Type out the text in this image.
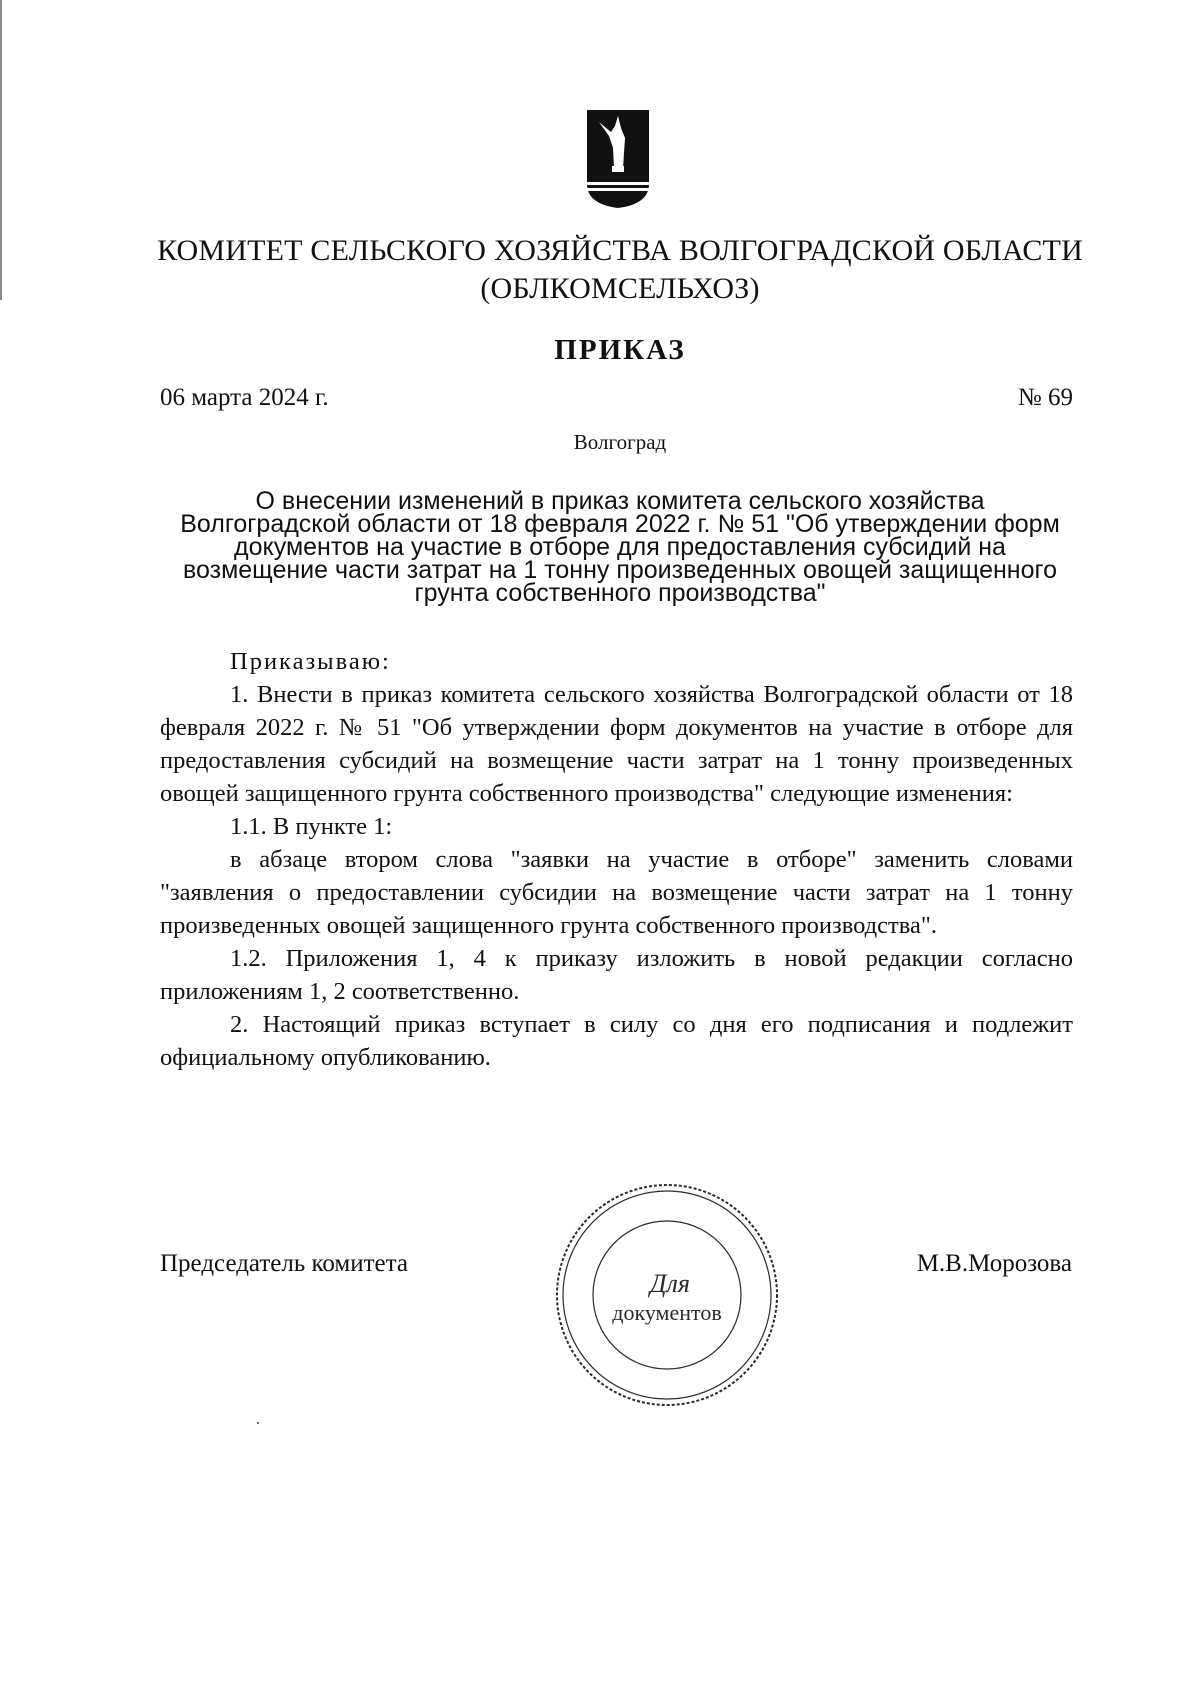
КОМИТЕТ СЕЛЬСКОГО ХОЗЯЙСТВА ВОЛГОГРАДСКОЙ ОБЛАСТИ
(ОБЛКОМСЕЛЬХОЗ)
ПРИКАЗ
06 марта 2024 г.	№ 69
Волгоград
О внесении изменений в приказ комитета сельского хозяйства
Волгоградской области от 18 февраля 2022 г. № 51 "Об утверждении форм
документов на участие в отборе для предоставления субсидий на
возмещение части затрат на 1 тонну произведенных овощей защищенного
грунта собственного производства"

Приказываю:

1. Внести в приказ комитета сельского хозяйства Волгоградской области от 18 февраля 2022 г. № 51 "Об утверждении форм документов на участие в отборе для предоставления субсидий на возмещение части затрат на 1 тонну произведенных овощей защищенного грунта собственного производства" следующие изменения:

1.1. В пункте 1:

в абзаце втором слова "заявки на участие в отборе" заменить словами "заявления о предоставлении субсидии на возмещение части затрат на 1 тонну произведенных овощей защищенного грунта собственного производства".

1.2. Приложения 1, 4 к приказу изложить в новой редакции согласно приложениям 1, 2 соответственно.

2. Настоящий приказ вступает в силу со дня его подписания и подлежит официальному опубликованию.

Председатель комитета	М.В.Морозова
Для
документов
